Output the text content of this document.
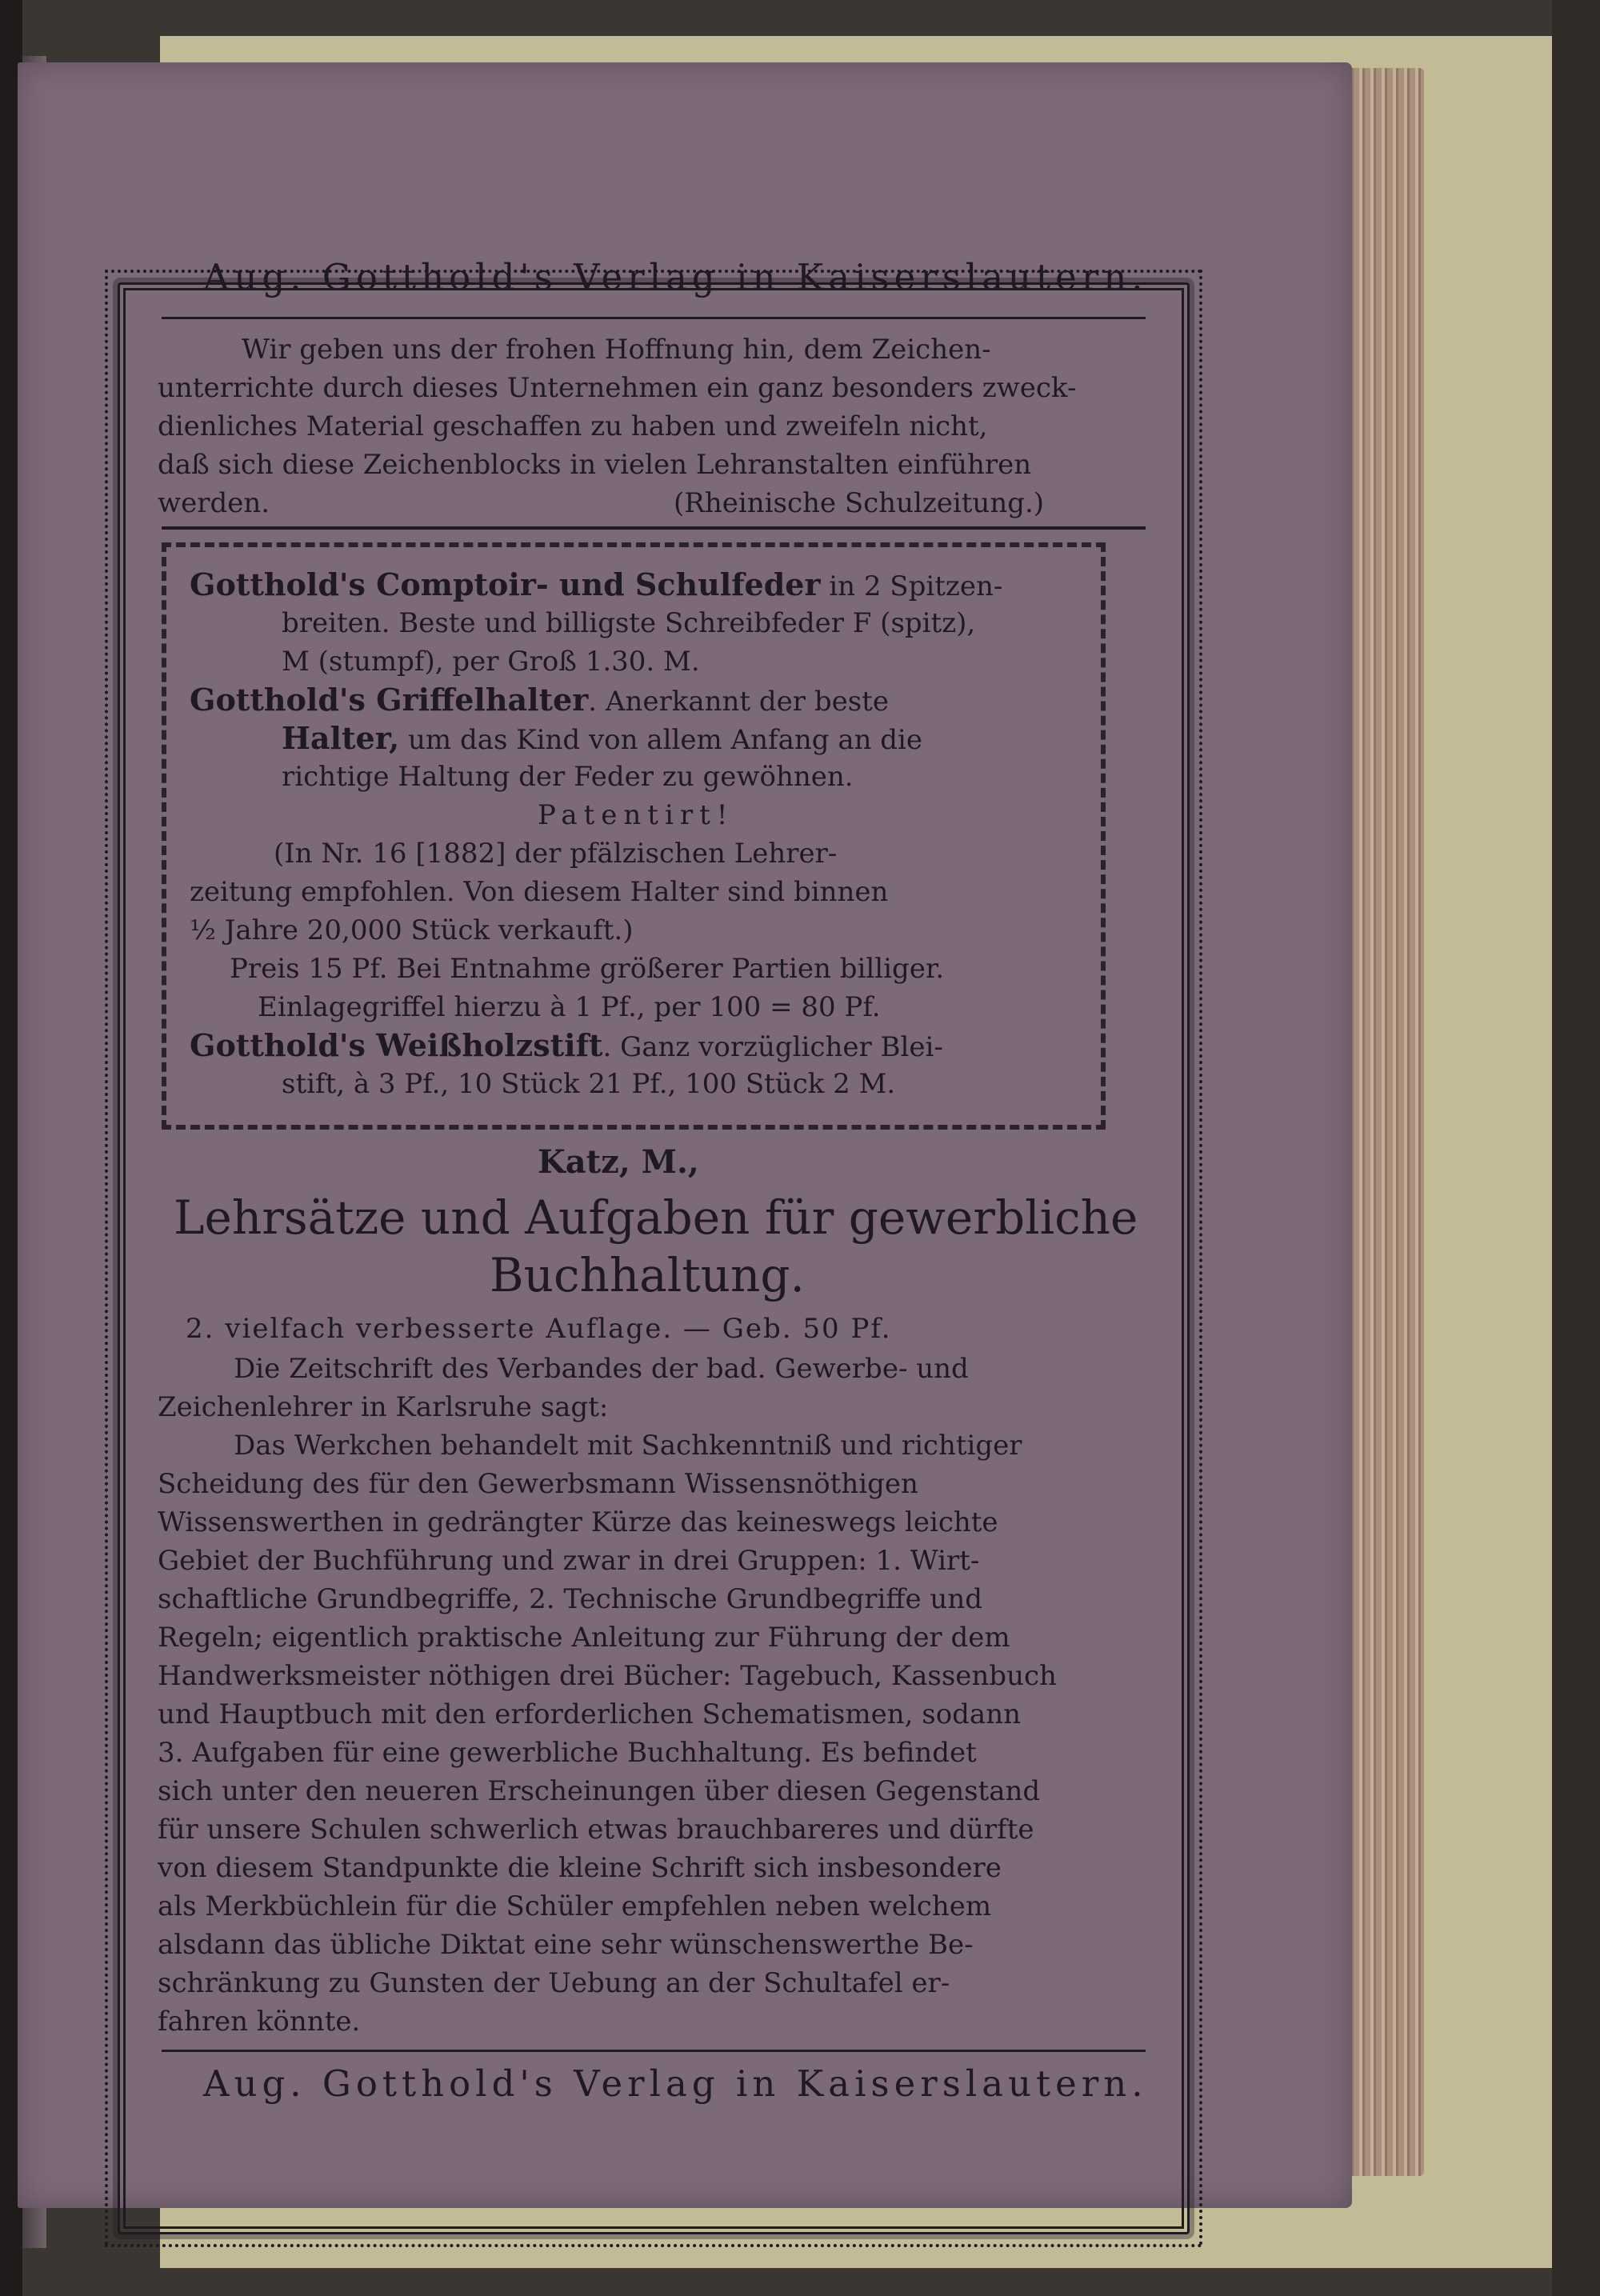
Aug. Gotthold's Verlag in Kaiserslautern.
Wir geben uns der frohen Hoffnung hin, dem Zeichen-
unterrichte durch dieses Unternehmen ein ganz besonders zweck-
dienliches Material geschaffen zu haben und zweifeln nicht,
daß sich diese Zeichenblocks in vielen Lehranstalten einführen
werden.	(Rheinische Schulzeitung.)
Gotthold's Comptoir- und Schulfeder in 2 Spitzen-
breiten. Beste und billigste Schreibfeder F (spitz),
M (stumpf), per Groß 1.30. M.
Gotthold's Griffelhalter. Anerkannt der beste
Halter, um das Kind von allem Anfang an die
richtige Haltung der Feder zu gewöhnen.
Patentirt!
(In Nr. 16 [1882] der pfälzischen Lehrer-
zeitung empfohlen. Von diesem Halter sind binnen
½ Jahre 20,000 Stück verkauft.)
Preis 15 Pf. Bei Entnahme größerer Partien billiger.
Einlagegriffel hierzu à 1 Pf., per 100 = 80 Pf.
Gotthold's Weißholzstift. Ganz vorzüglicher Blei-
stift, à 3 Pf., 10 Stück 21 Pf., 100 Stück 2 M.
Katz, M.,
Lehrsätze und Aufgaben für gewerbliche
Buchhaltung.
2. vielfach verbesserte Auflage. — Geb. 50 Pf.
Die Zeitschrift des Verbandes der bad. Gewerbe- und
Zeichenlehrer in Karlsruhe sagt:
Das Werkchen behandelt mit Sachkenntniß und richtiger
Scheidung des für den Gewerbsmann Wissensnöthigen
Wissenswerthen in gedrängter Kürze das keineswegs leichte
Gebiet der Buchführung und zwar in drei Gruppen: 1. Wirt-
schaftliche Grundbegriffe, 2. Technische Grundbegriffe und
Regeln; eigentlich praktische Anleitung zur Führung der dem
Handwerksmeister nöthigen drei Bücher: Tagebuch, Kassenbuch
und Hauptbuch mit den erforderlichen Schematismen, sodann
3. Aufgaben für eine gewerbliche Buchhaltung. Es befindet
sich unter den neueren Erscheinungen über diesen Gegenstand
für unsere Schulen schwerlich etwas brauchbareres und dürfte
von diesem Standpunkte die kleine Schrift sich insbesondere
als Merkbüchlein für die Schüler empfehlen neben welchem
alsdann das übliche Diktat eine sehr wünschenswerthe Be-
schränkung zu Gunsten der Uebung an der Schultafel er-
fahren könnte.
Aug. Gotthold's Verlag in Kaiserslautern.
